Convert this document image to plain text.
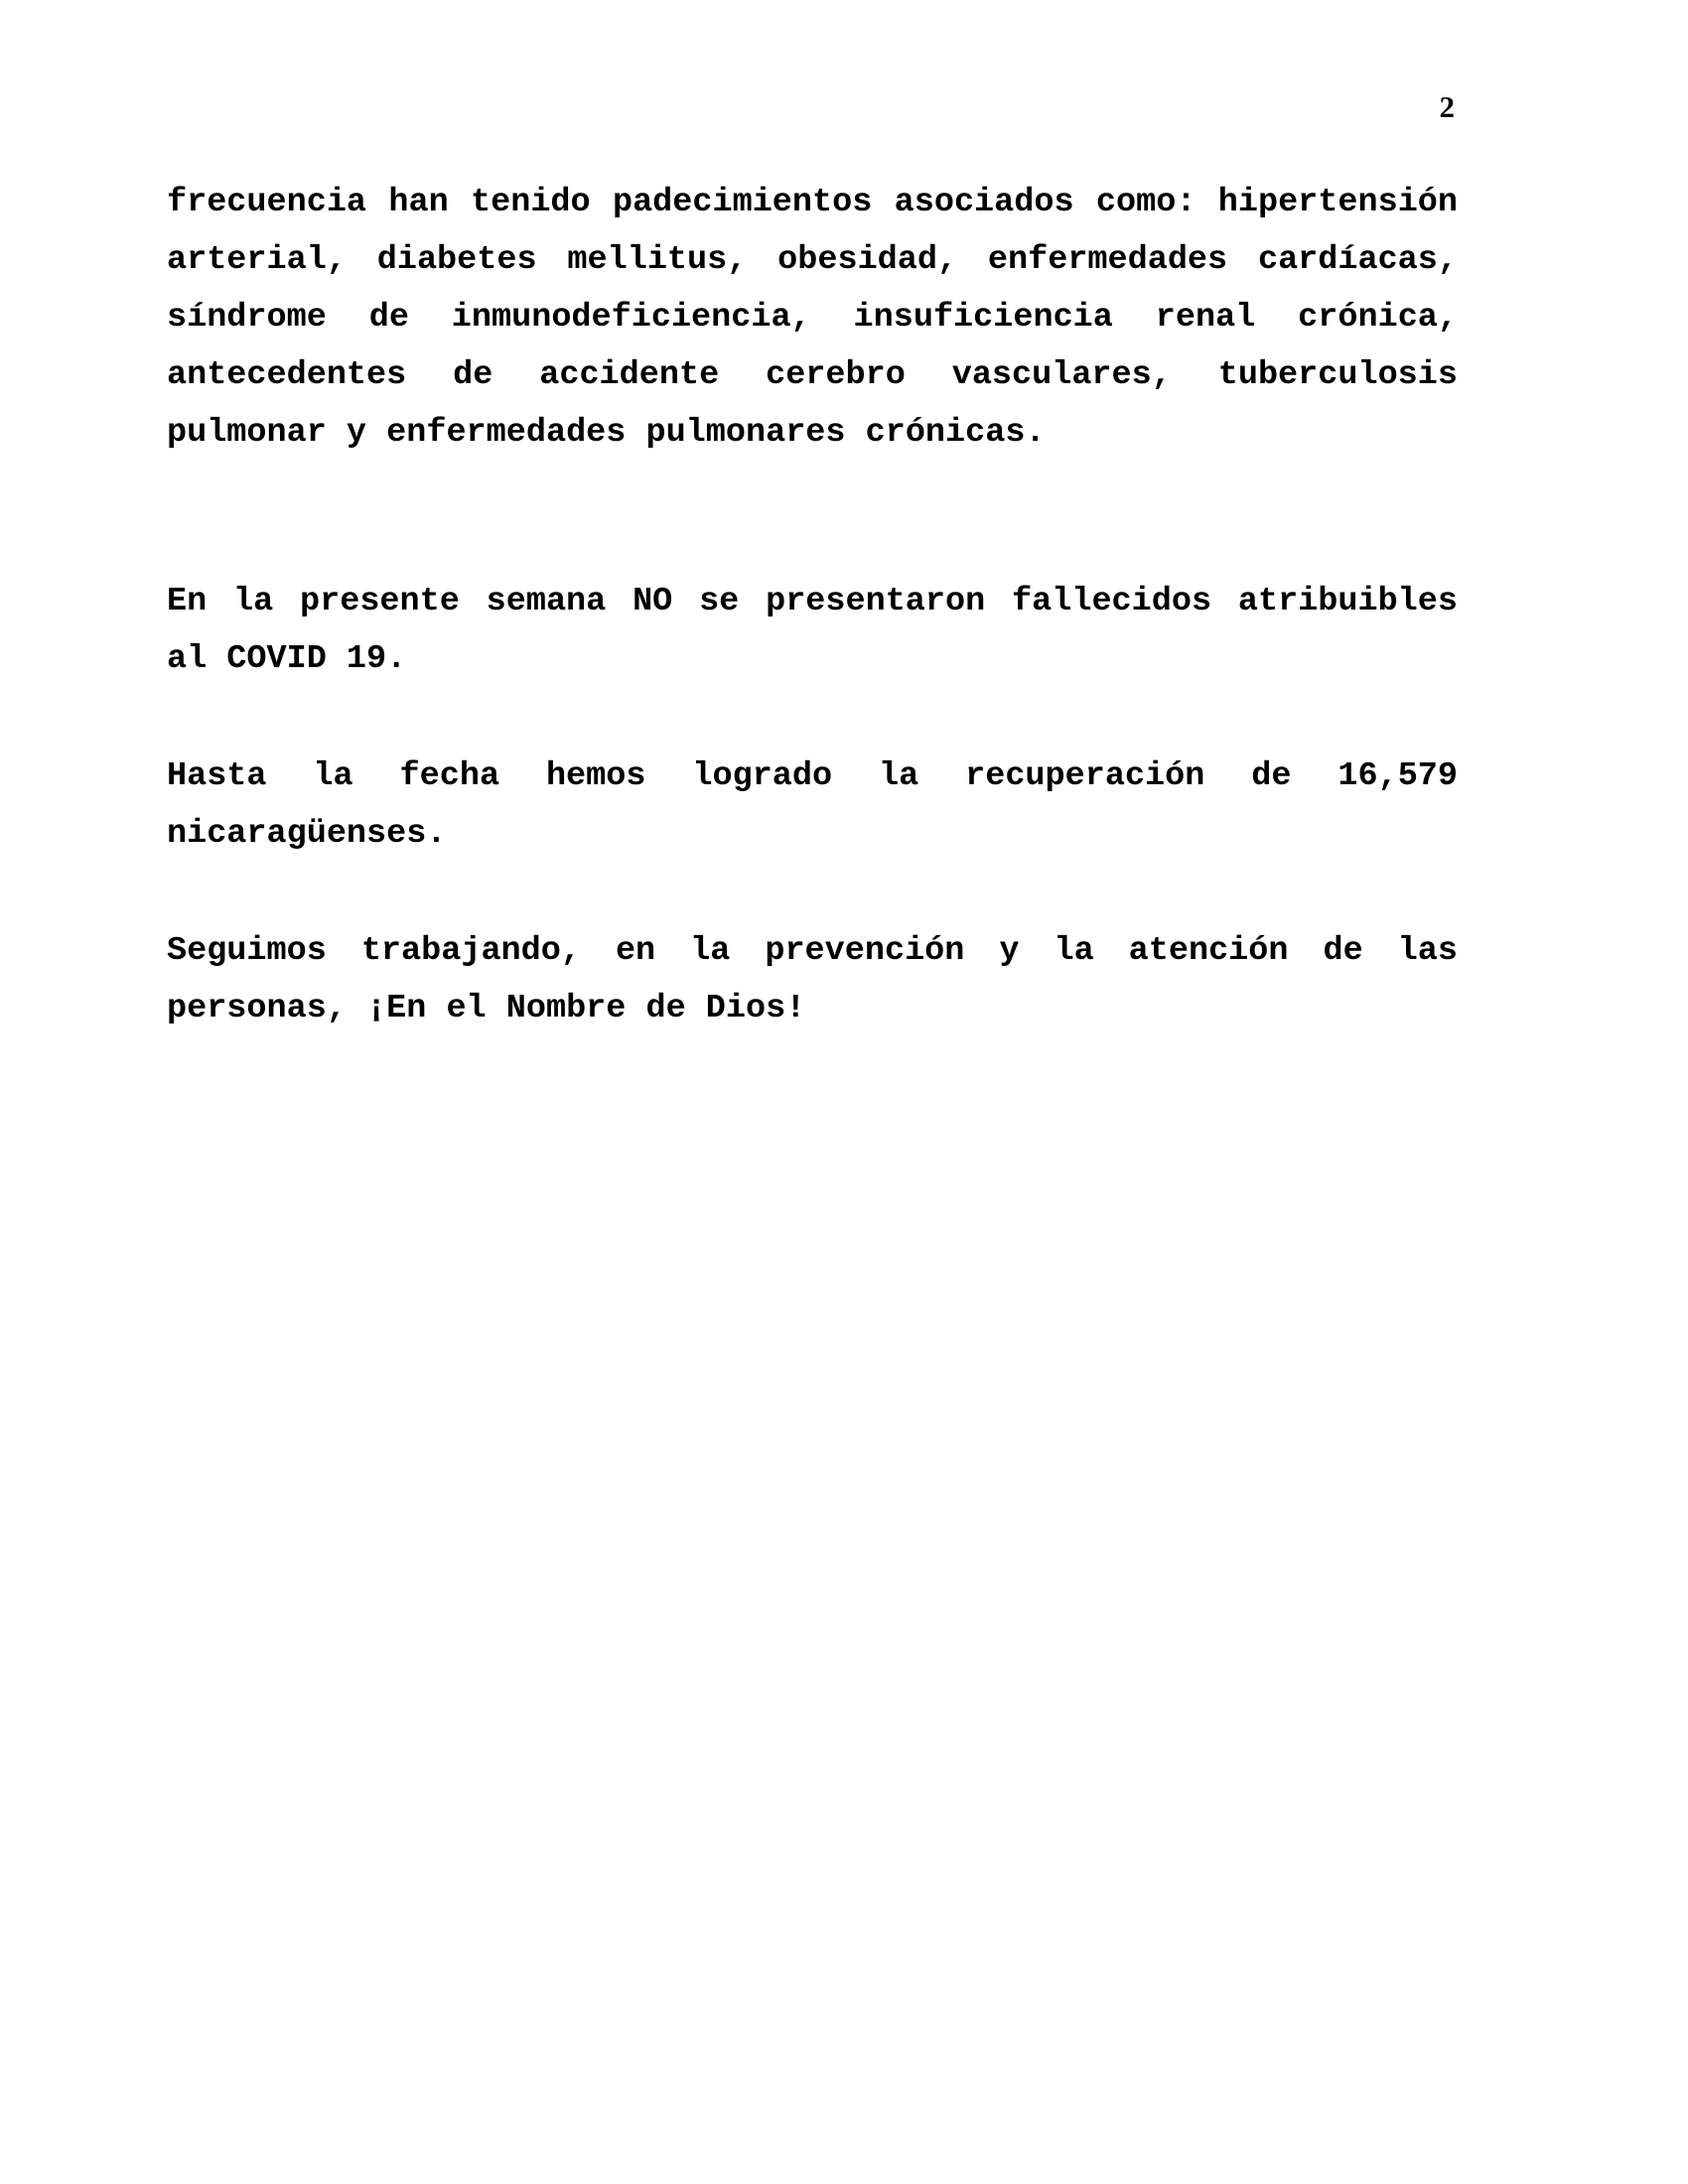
2

frecuencia han tenido padecimientos asociados como: hipertensión arterial, diabetes mellitus, obesidad, enfermedades cardíacas, síndrome de inmunodeficiencia, insuficiencia renal crónica, antecedentes de accidente cerebro vasculares, tuberculosis pulmonar y enfermedades pulmonares crónicas.

En la presente semana NO se presentaron fallecidos atribuibles al COVID 19.

Hasta la fecha hemos logrado la recuperación de 16,579 nicaragüenses.

Seguimos trabajando, en la prevención y la atención de las personas, ¡En el Nombre de Dios!
